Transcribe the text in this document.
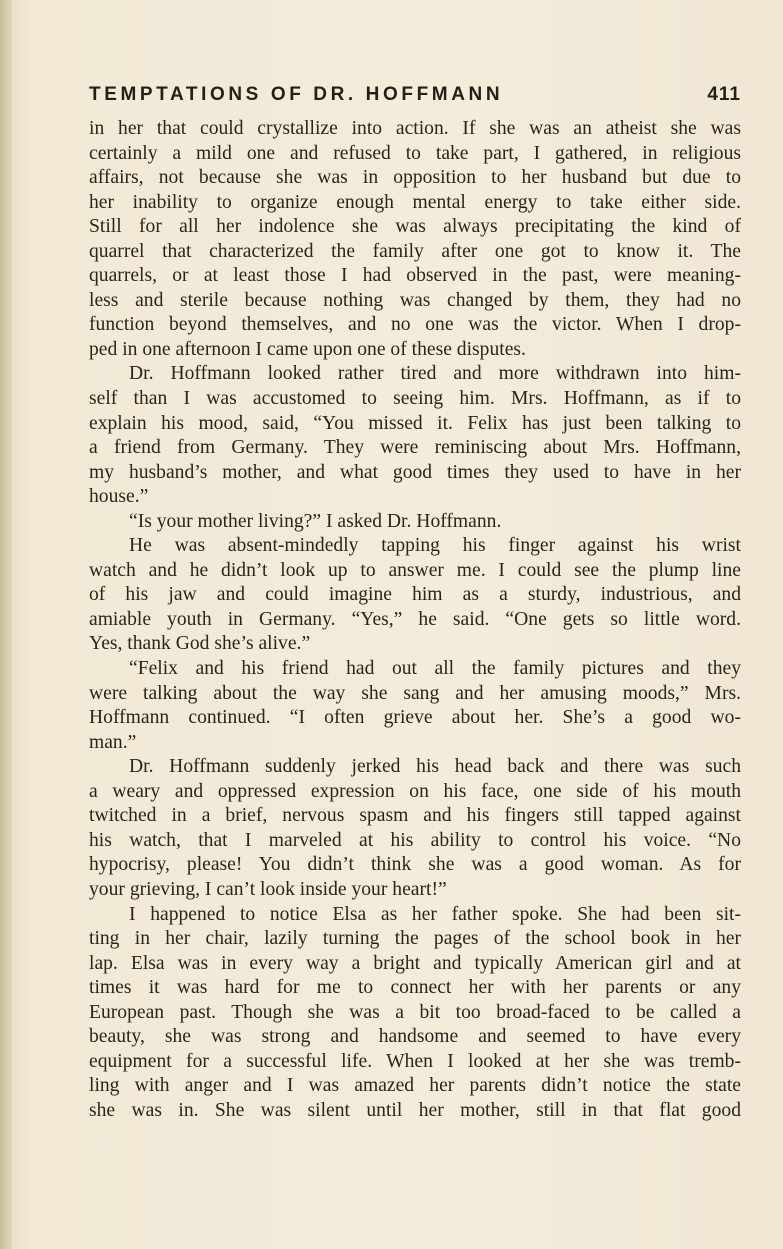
TEMPTATIONS OF DR. HOFFMANN	411
in her that could crystallize into action. If she was an atheist she was
certainly a mild one and refused to take part, I gathered, in religious
affairs, not because she was in opposition to her husband but due to
her inability to organize enough mental energy to take either side.
Still for all her indolence she was always precipitating the kind of
quarrel that characterized the family after one got to know it. The
quarrels, or at least those I had observed in the past, were meaning-
less and sterile because nothing was changed by them, they had no
function beyond themselves, and no one was the victor. When I drop-
ped in one afternoon I came upon one of these disputes.
Dr. Hoffmann looked rather tired and more withdrawn into him-
self than I was accustomed to seeing him. Mrs. Hoffmann, as if to
explain his mood, said, “You missed it. Felix has just been talking to
a friend from Germany. They were reminiscing about Mrs. Hoffmann,
my husband’s mother, and what good times they used to have in her
house.”
“Is your mother living?” I asked Dr. Hoffmann.
He was absent-mindedly tapping his finger against his wrist
watch and he didn’t look up to answer me. I could see the plump line
of his jaw and could imagine him as a sturdy, industrious, and
amiable youth in Germany. “Yes,” he said. “One gets so little word.
Yes, thank God she’s alive.”
“Felix and his friend had out all the family pictures and they
were talking about the way she sang and her amusing moods,” Mrs.
Hoffmann continued. “I often grieve about her. She’s a good wo-
man.”
Dr. Hoffmann suddenly jerked his head back and there was such
a weary and oppressed expression on his face, one side of his mouth
twitched in a brief, nervous spasm and his fingers still tapped against
his watch, that I marveled at his ability to control his voice. “No
hypocrisy, please! You didn’t think she was a good woman. As for
your grieving, I can’t look inside your heart!”
I happened to notice Elsa as her father spoke. She had been sit-
ting in her chair, lazily turning the pages of the school book in her
lap. Elsa was in every way a bright and typically American girl and at
times it was hard for me to connect her with her parents or any
European past. Though she was a bit too broad-faced to be called a
beauty, she was strong and handsome and seemed to have every
equipment for a successful life. When I looked at her she was tremb-
ling with anger and I was amazed her parents didn’t notice the state
she was in. She was silent until her mother, still in that flat good
